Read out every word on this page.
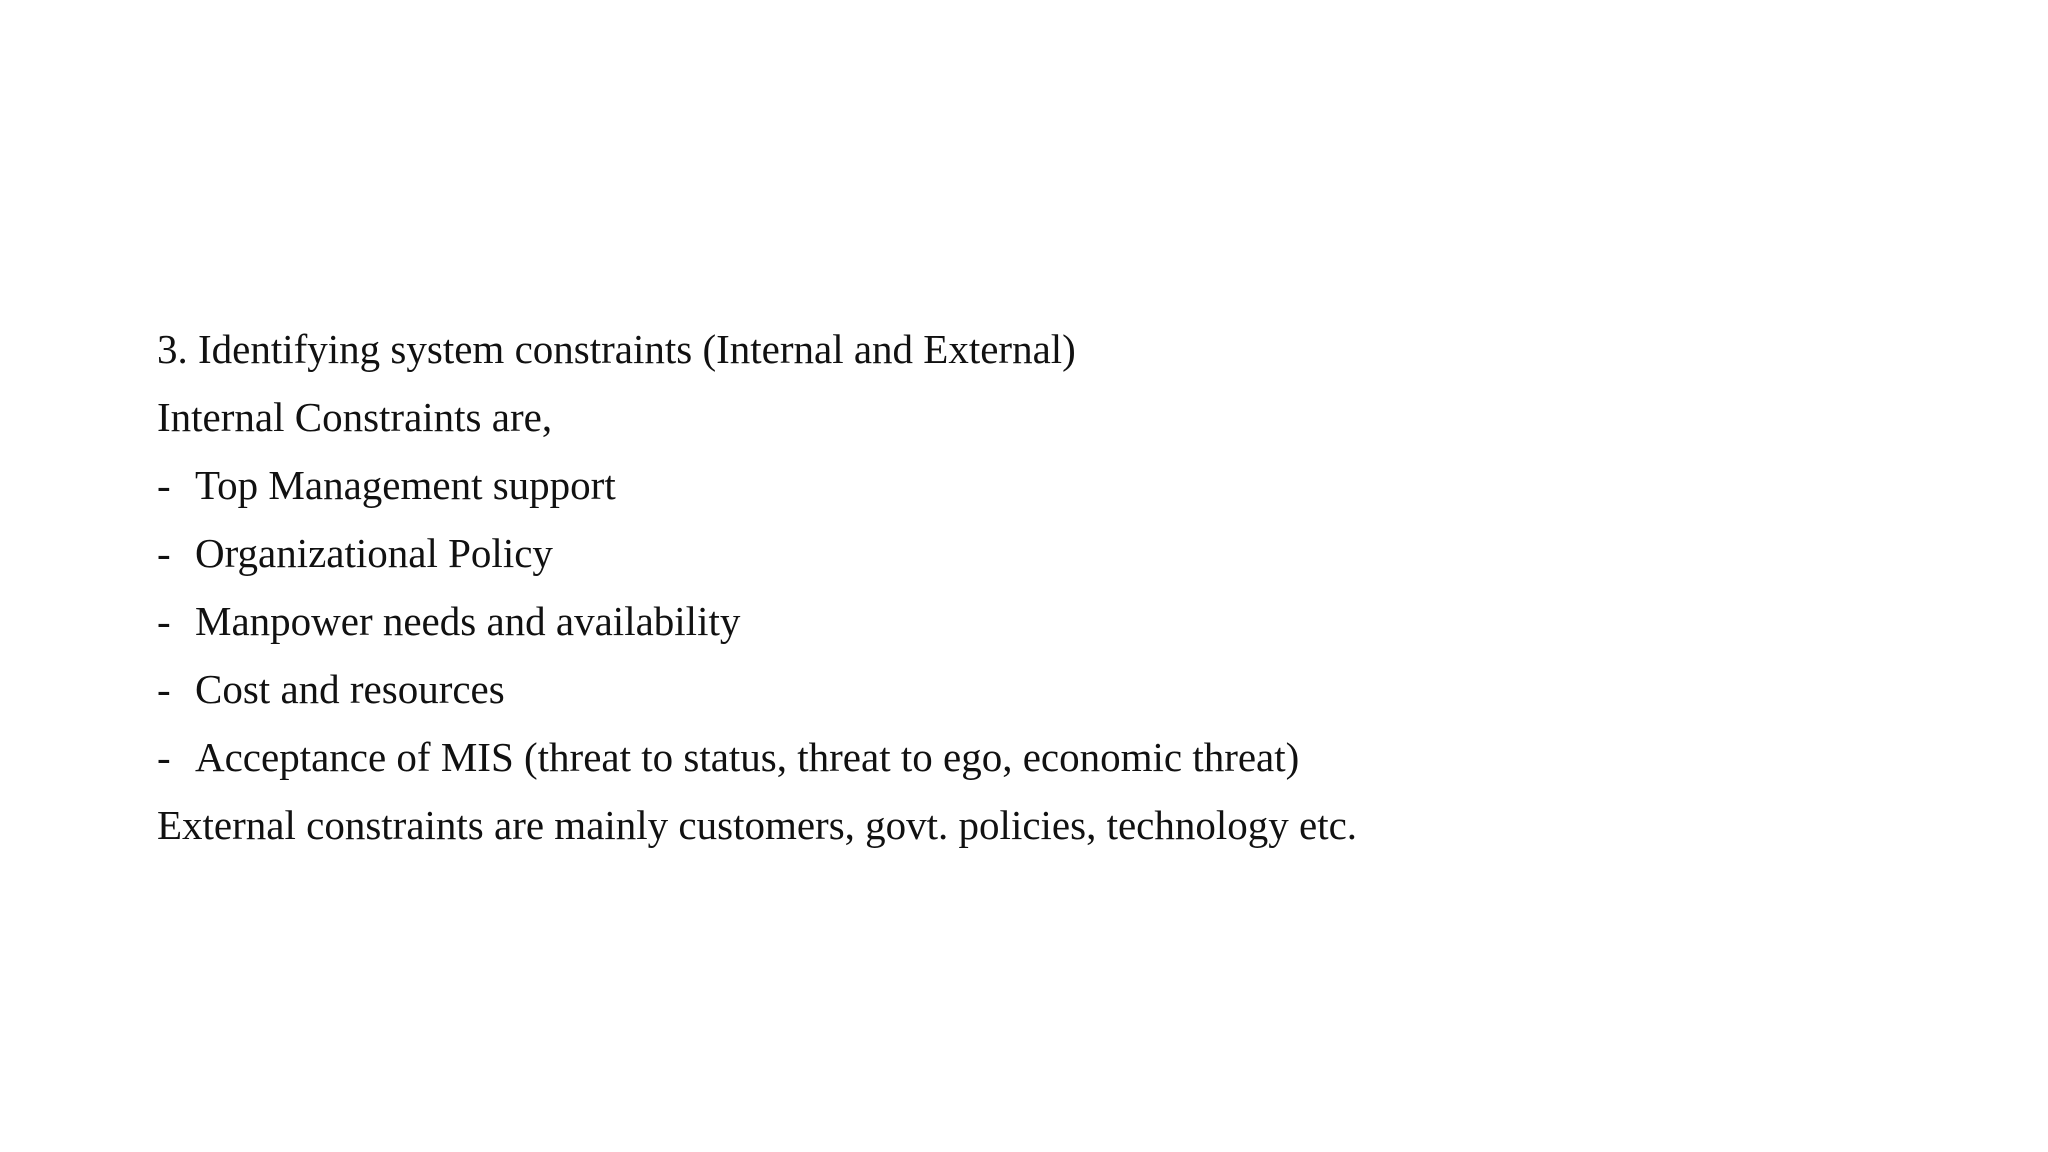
3. Identifying system constraints (Internal and External)
Internal Constraints are,
- Top Management support
- Organizational Policy
- Manpower needs and availability
- Cost and resources
- Acceptance of MIS (threat to status, threat to ego, economic threat)
External constraints are mainly customers, govt. policies, technology etc.
